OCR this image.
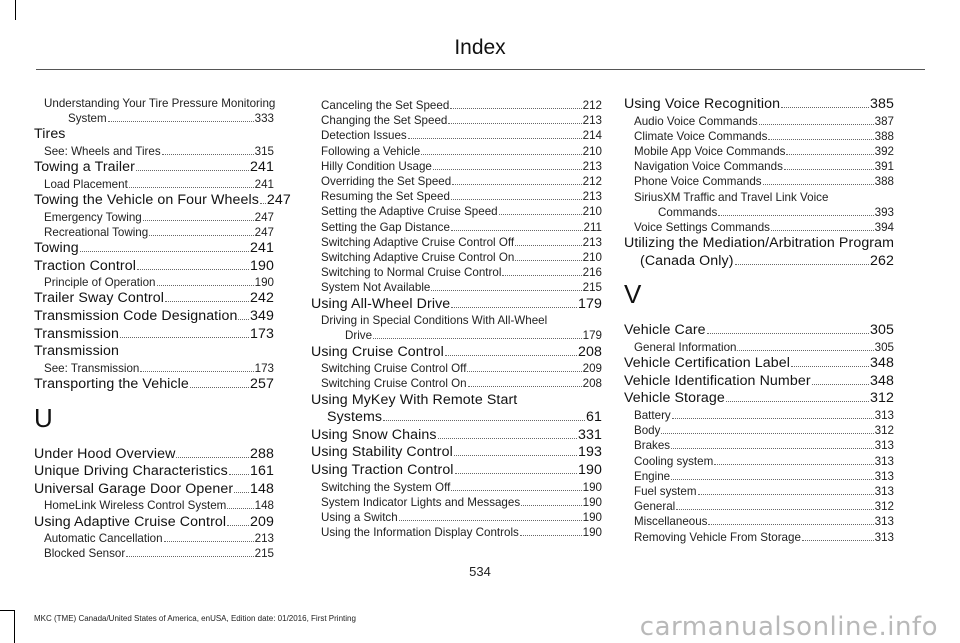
Index
Understanding Your Tire Pressure Monitoring
System	333
Tires
See: Wheels and Tires	315
Towing a Trailer	241
Load Placement	241
Towing the Vehicle on Four Wheels 247
Emergency Towing	247
Recreational Towing	247
Towing	241
Traction Control	190
Principle of Operation	190
Trailer Sway Control	242
Transmission Code Designation 349
Transmission	173
Transmission
See: Transmission	173
Transporting the Vehicle	257
U
Under Hood Overview	288
Unique Driving Characteristics 161
Universal Garage Door Opener 148
HomeLink Wireless Control System 148
Using Adaptive Cruise Control 209
Automatic Cancellation	213
Blocked Sensor	215
Canceling the Set Speed	212
Changing the Set Speed	213
Detection Issues	214
Following a Vehicle	210
Hilly Condition Usage	213
Overriding the Set Speed	212
Resuming the Set Speed	213
Setting the Adaptive Cruise Speed	210
Setting the Gap Distance	211
Switching Adaptive Cruise Control Off	213
Switching Adaptive Cruise Control On	210
Switching to Normal Cruise Control	216
System Not Available	215
Using All-Wheel Drive	179
Driving in Special Conditions With All-Wheel
Drive	179
Using Cruise Control	208
Switching Cruise Control Off	209
Switching Cruise Control On	208
Using MyKey With Remote Start
Systems	61
Using Snow Chains	331
Using Stability Control	193
Using Traction Control	190
Switching the System Off	190
System Indicator Lights and Messages	190
Using a Switch	190
Using the Information Display Controls	190
Using Voice Recognition	385
Audio Voice Commands	387
Climate Voice Commands	388
Mobile App Voice Commands	392
Navigation Voice Commands	391
Phone Voice Commands	388
SiriusXM Traffic and Travel Link Voice
Commands	393
Voice Settings Commands	394
Utilizing the Mediation/Arbitration Program
(Canada Only)	262
V
Vehicle Care	305
General Information	305
Vehicle Certification Label	348
Vehicle Identification Number	348
Vehicle Storage	312
Battery	313
Body	312
Brakes	313
Cooling system	313
Engine	313
Fuel system	313
General	312
Miscellaneous	313
Removing Vehicle From Storage	313
534
MKC (TME) Canada/United States of America, enUSA, Edition date: 01/2016, First Printing	carmanualsonline.info
